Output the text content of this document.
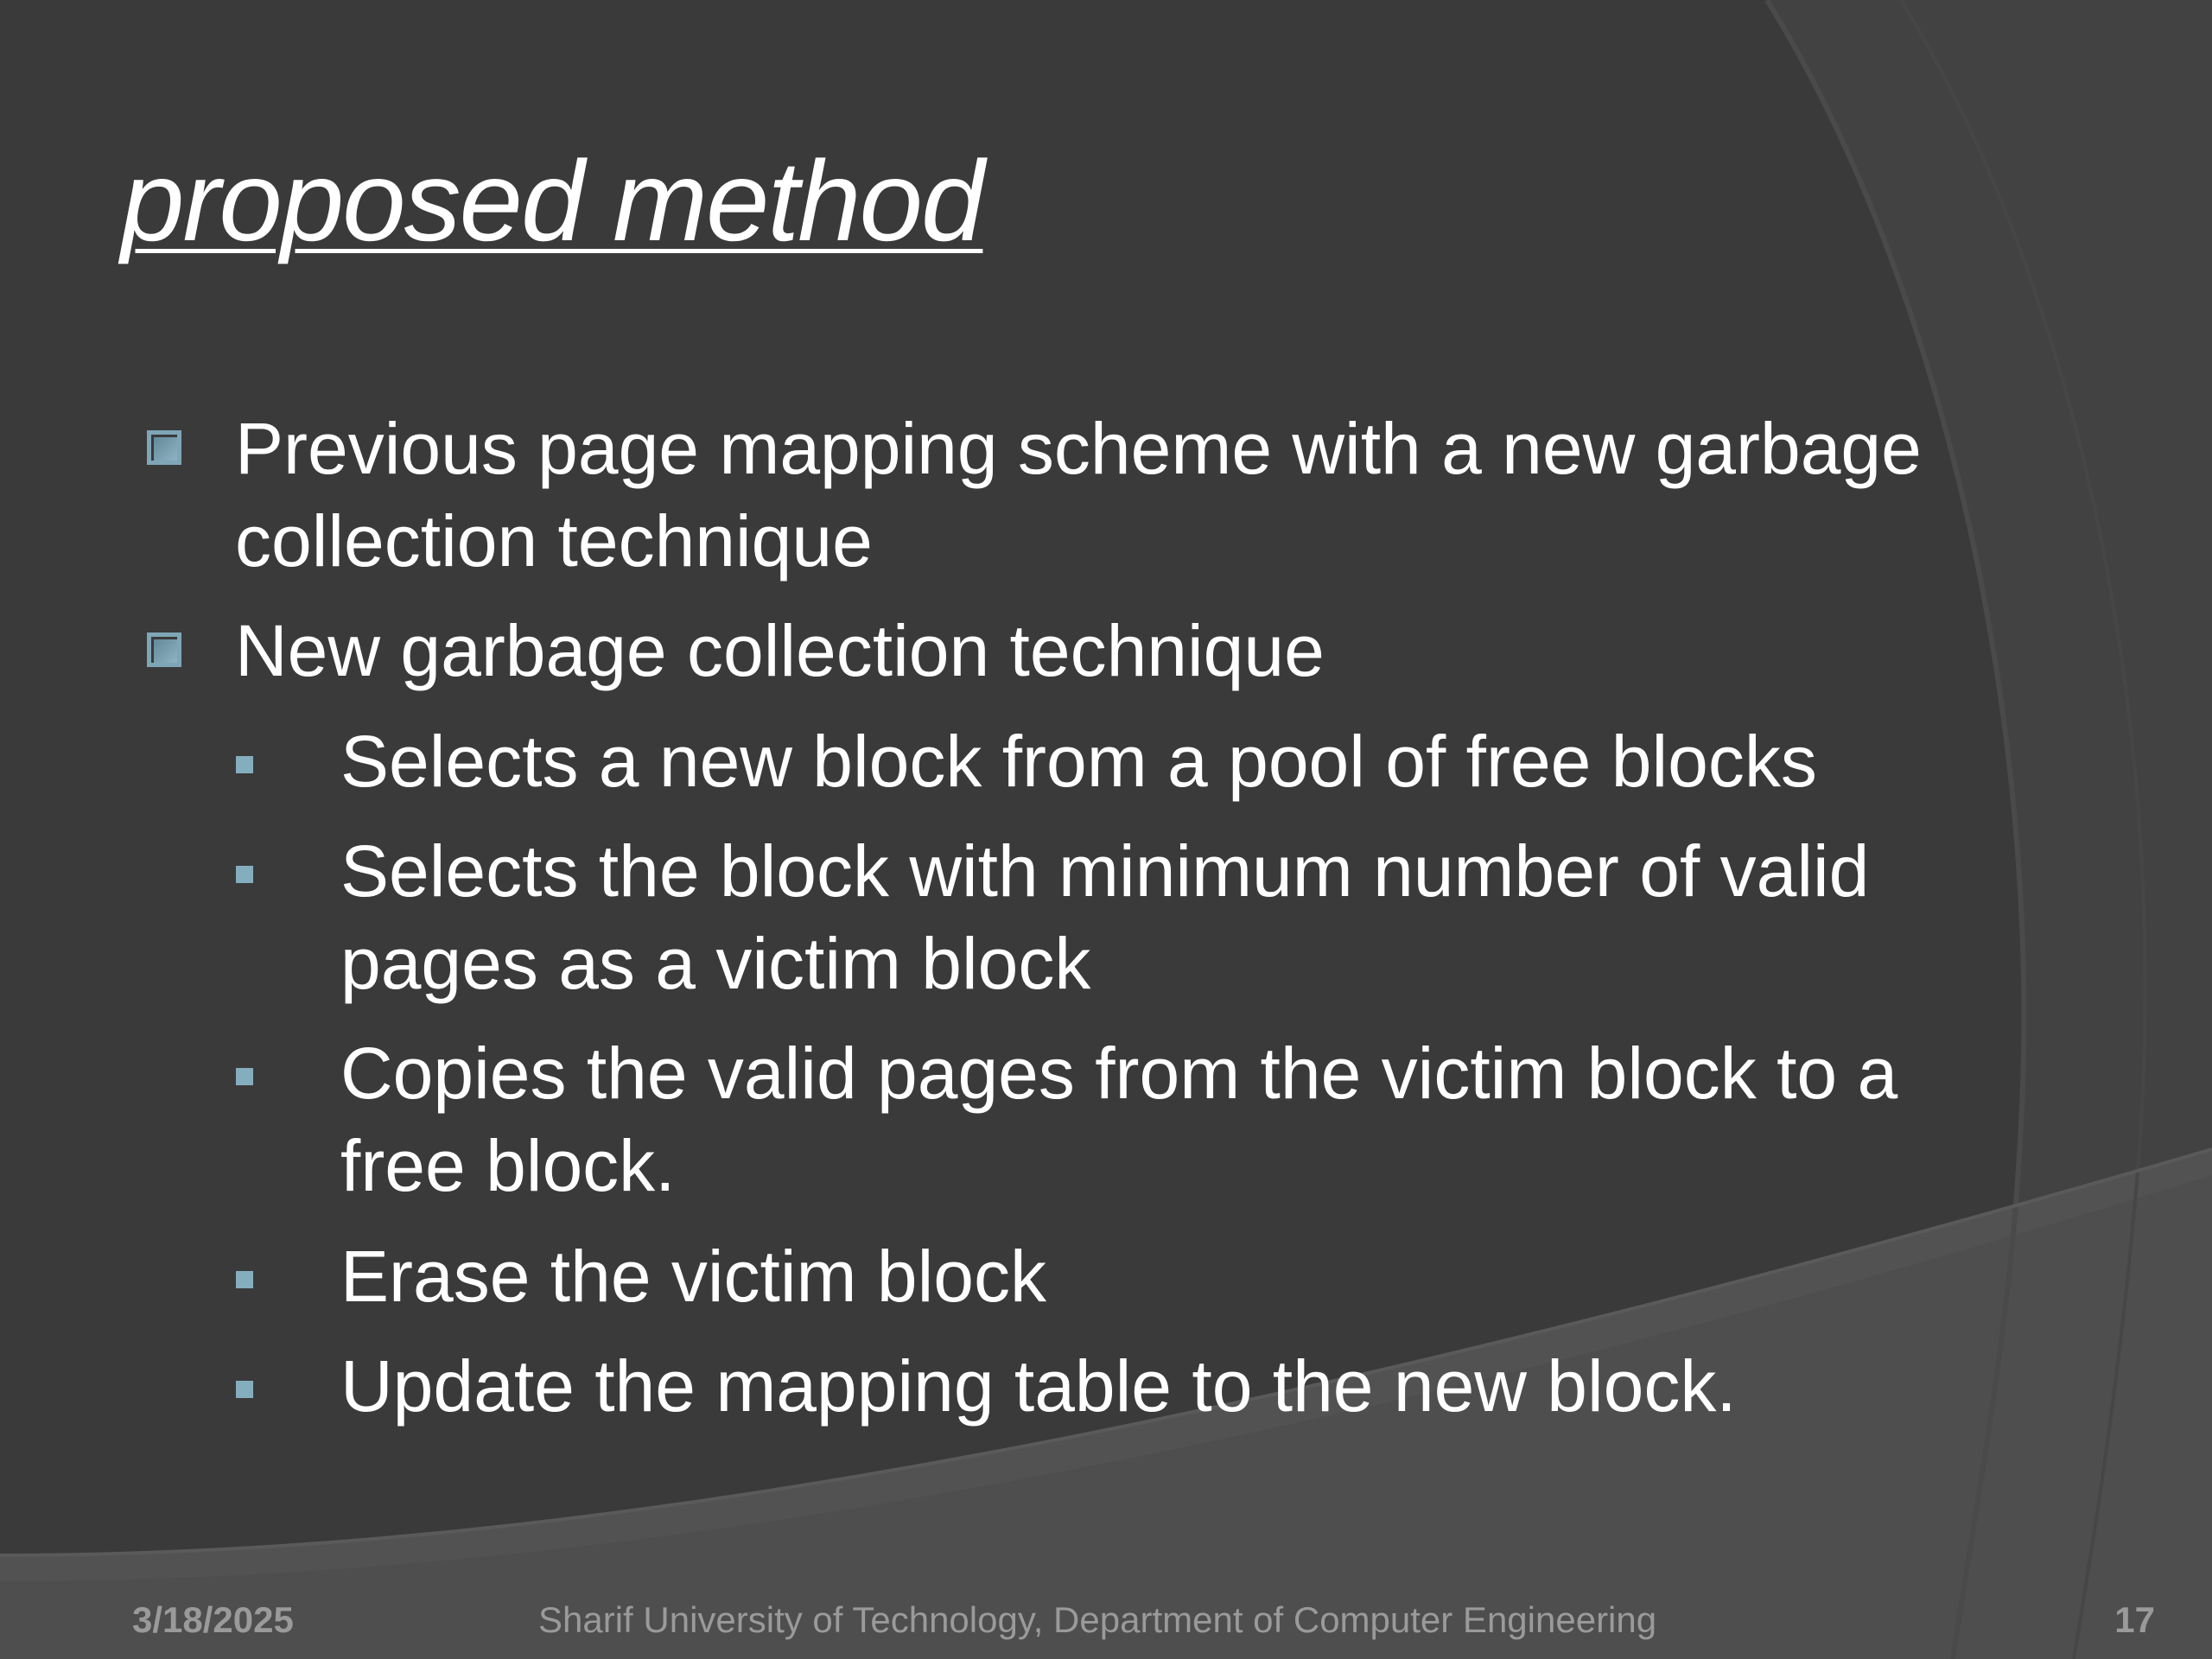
proposed method
Previous page mapping scheme with a new garbage
collection technique
New garbage collection technique
Selects a new block from a pool of free blocks
Selects the block with minimum number of valid
pages as a victim block
Copies the valid pages from the victim block to a
free block.
Erase the victim block
Update the mapping table to the new block.
3/18/2025	Sharif University of Technology, Department of Computer Engineering	17
